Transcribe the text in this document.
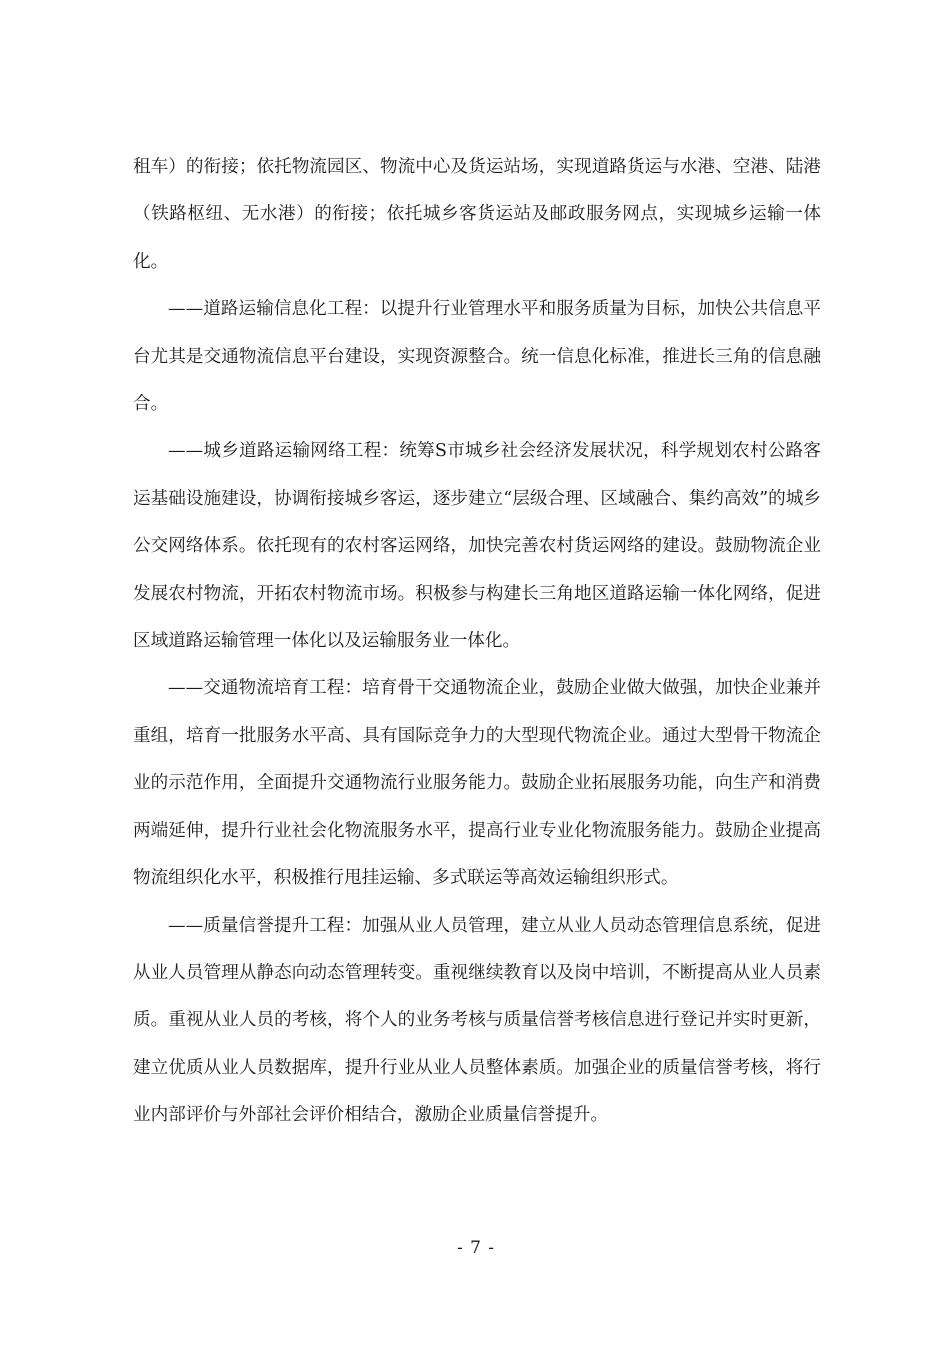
租车）的衔接；依托物流园区、物流中心及货运站场，实现道路货运与水港、空港、陆港（铁路枢纽、无水港）的衔接；依托城乡客货运站及邮政服务网点，实现城乡运输一体化。

——道路运输信息化工程：以提升行业管理水平和服务质量为目标，加快公共信息平台尤其是交通物流信息平台建设，实现资源整合。统一信息化标准，推进长三角的信息融合。

——城乡道路运输网络工程：统筹S市城乡社会经济发展状况，科学规划农村公路客运基础设施建设，协调衔接城乡客运，逐步建立“层级合理、区域融合、集约高效”的城乡公交网络体系。依托现有的农村客运网络，加快完善农村货运网络的建设。鼓励物流企业发展农村物流，开拓农村物流市场。积极参与构建长三角地区道路运输一体化网络，促进区域道路运输管理一体化以及运输服务业一体化。

——交通物流培育工程：培育骨干交通物流企业，鼓励企业做大做强，加快企业兼并重组，培育一批服务水平高、具有国际竞争力的大型现代物流企业。通过大型骨干物流企业的示范作用，全面提升交通物流行业服务能力。鼓励企业拓展服务功能，向生产和消费两端延伸，提升行业社会化物流服务水平，提高行业专业化物流服务能力。鼓励企业提高物流组织化水平，积极推行甩挂运输、多式联运等高效运输组织形式。

——质量信誉提升工程：加强从业人员管理，建立从业人员动态管理信息系统，促进从业人员管理从静态向动态管理转变。重视继续教育以及岗中培训，不断提高从业人员素质。重视从业人员的考核，将个人的业务考核与质量信誉考核信息进行登记并实时更新，建立优质从业人员数据库，提升行业从业人员整体素质。加强企业的质量信誉考核，将行业内部评价与外部社会评价相结合，激励企业质量信誉提升。

- 7 -
